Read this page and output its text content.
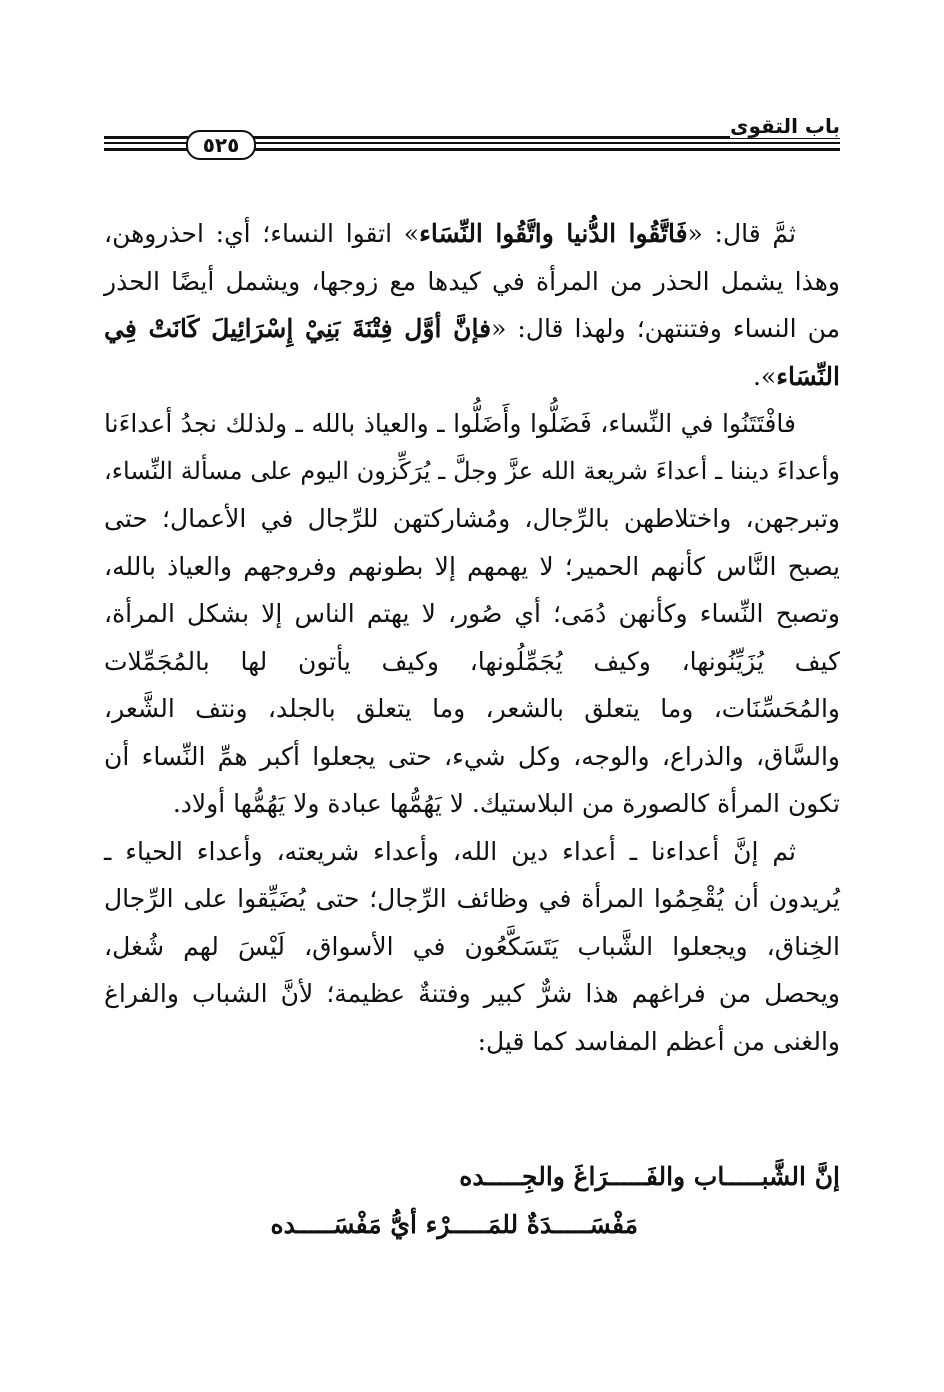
٥٢٥
باب التقوى

ثمَّ قال: «فَاتَّقُوا الدُّنيا واتَّقُوا النِّسَاء» اتقوا النساء؛ أي: احذروهن،
وهذا يشمل الحذر من المرأة في كيدها مع زوجها، ويشمل أيضًا الحذر
من النساء وفتنتهن؛ ولهذا قال: «فإنَّ أوَّل فِتْنَةَ بَنِيْ إِسْرَائِيلَ كَانَتْ فِي
النِّسَاء».

فافْتَتَنُوا في النِّساء، فَضَلُّوا وأَضَلُّوا ـ والعياذ بالله ـ ولذلك نجدُ أعداءَنا
وأعداءَ ديننا ـ أعداءَ شريعة الله عزَّ وجلَّ ـ يُرَكِّزون اليوم على مسألة النِّساء،
وتبرجهن، واختلاطهن بالرِّجال، ومُشاركتهن للرِّجال في الأعمال؛ حتى
يصبح النَّاس كأنهم الحمير؛ لا يهمهم إلا بطونهم وفروجهم والعياذ بالله،
وتصبح النِّساء وكأنهن دُمَى؛ أي صُور، لا يهتم الناس إلا بشكل المرأة،
كيف يُزَيِّنُونها، وكيف يُجَمِّلُونها، وكيف يأتون لها بالمُجَمِّلات
والمُحَسِّنَات، وما يتعلق بالشعر، وما يتعلق بالجلد، ونتف الشَّعر،
والسَّاق، والذراع، والوجه، وكل شيء، حتى يجعلوا أكبر همِّ النِّساء أن
تكون المرأة كالصورة من البلاستيك. لا يَهُمُّها عبادة ولا يَهُمُّها أولاد.

ثم إنَّ أعداءنا ـ أعداء دين الله، وأعداء شريعته، وأعداء الحياء ـ
يُريدون أن يُقْحِمُوا المرأة في وظائف الرِّجال؛ حتى يُضَيِّقوا على الرِّجال
الخِناق، ويجعلوا الشَّباب يَتَسَكَّعُون في الأسواق، لَيْسَ لهم شُغل،
ويحصل من فراغهم هذا شرٌّ كبير وفتنةٌ عظيمة؛ لأنَّ الشباب والفراغ
والغنى من أعظم المفاسد كما قيل:

إنَّ الشَّبـــــاب والفَـــــرَاغَ والجِـــــده
مَفْسَـــــدَةٌ للمَـــــرْء أيُّ مَفْسَـــــده
